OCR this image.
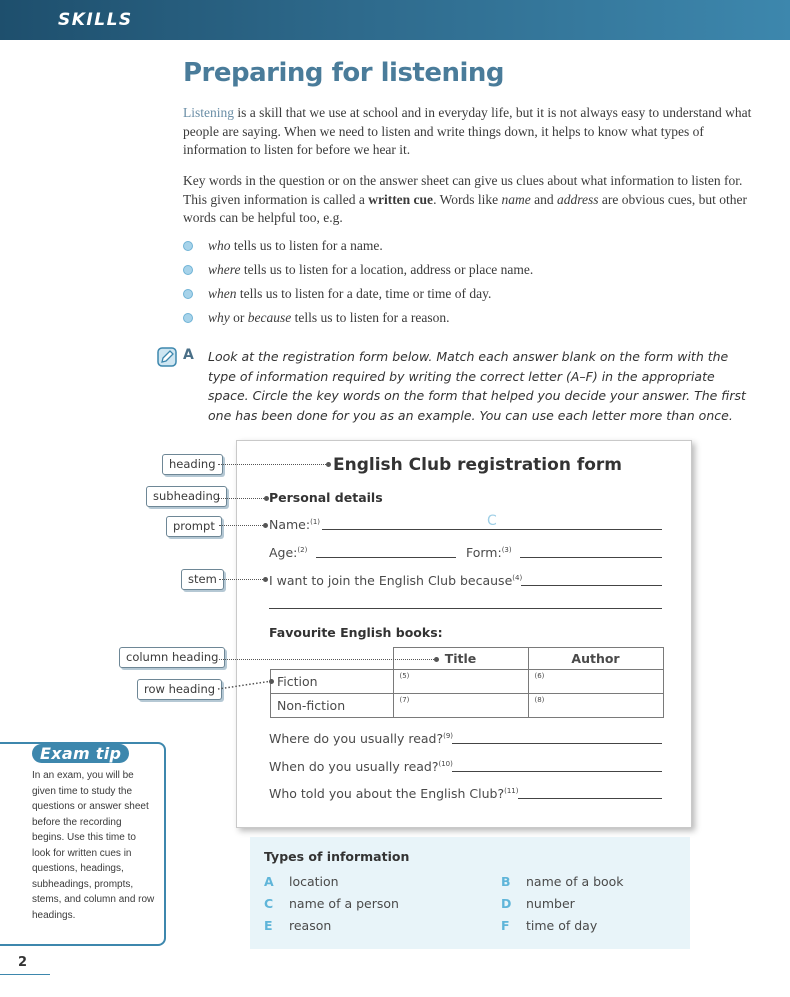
SKILLS
Preparing for listening
Listening is a skill that we use at school and in everyday life, but it is not always easy to understand what people are saying. When we need to listen and write things down, it helps to know what types of information to listen for before we hear it.
Key words in the question or on the answer sheet can give us clues about what information to listen for. This given information is called a written cue. Words like name and address are obvious cues, but other words can be helpful too, e.g.
who tells us to listen for a name.
where tells us to listen for a location, address or place name.
when tells us to listen for a date, time or time of day.
why or because tells us to listen for a reason.
A Look at the registration form below. Match each answer blank on the form with the type of information required by writing the correct letter (A–F) in the appropriate space. Circle the key words on the form that helped you decide your answer. The first one has been done for you as an example. You can use each letter more than once.
English Club registration form
Personal details
Name:$^{(1)}$	C
Age:$^{(2)}$	Form:$^{(3)}$
I want to join the English Club because$^{(4)}$
Favourite English books:
	Title	Author
Fiction	(5)	(6)
Non-fiction	(7)	(8)
Where do you usually read?$^{(9)}$
When do you usually read?$^{(10)}$
Who told you about the English Club?$^{(11)}$
heading
subheading
prompt
stem
column heading
row heading
Exam tip
In an exam, you will be given time to study the questions or answer sheet before the recording begins. Use this time to look for written cues in questions, headings, subheadings, prompts, stems, and column and row headings.
Types of information
A location	B name of a book
C name of a person	D number
E reason	F time of day
2
